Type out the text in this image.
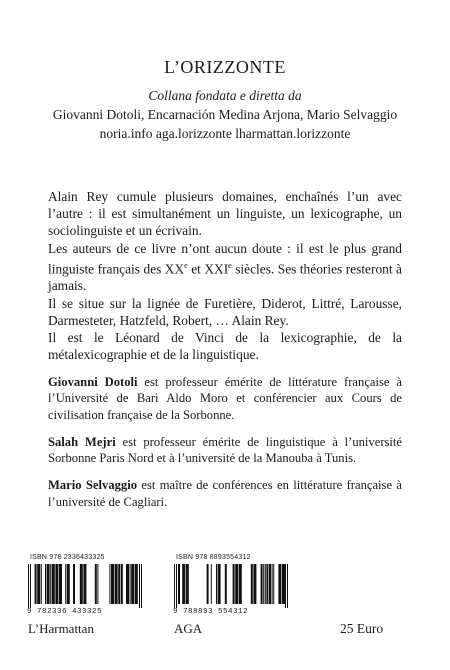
L’ORIZZONTE
Collana fondata e diretta da
Giovanni Dotoli, Encarnación Medina Arjona, Mario Selvaggio
noria.info aga.lorizzonte lharmattan.lorizzonte

Alain Rey cumule plusieurs domaines, enchaînés l’un avec l’autre : il est simultanément un linguiste, un lexicographe, un sociolinguiste et un écrivain.

Les auteurs de ce livre n’ont aucun doute : il est le plus grand linguiste français des XXe et XXIe siècles. Ses théories resteront à jamais.

Il se situe sur la lignée de Furetière, Diderot, Littré, Larousse, Darmesteter, Hatzfeld, Robert, … Alain Rey.

Il est le Léonard de Vinci de la lexicographie, de la métalexicographie et de la linguistique.

Giovanni Dotoli est professeur émérite de littérature française à l’Université de Bari Aldo Moro et conférencier aux Cours de civilisation française de la Sorbonne.

Salah Mejri est professeur émérite de linguistique à l’université Sorbonne Paris Nord et à l’université de la Manouba à Tunis.

Mario Selvaggio est maître de conférences en littérature française à l’université de Cagliari.

ISBN 978 2336433325
9 782336 433325
L’Harmattan
ISBN 978 8893554312
9 788893 554312
AGA	25 Euro
